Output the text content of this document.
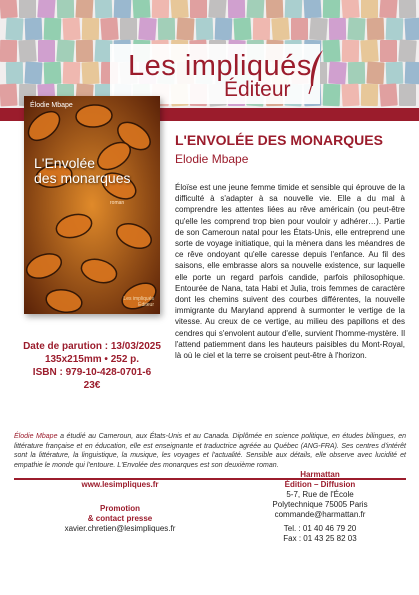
Les impliqués
Éditeur
Élodie Mbape
L'Envolée
des monarques
roman
Les impliqués
Éditeur
Date de parution : 13/03/2025
135x215mm • 252 p.
ISBN : 979-10-428-0701-6
23€
L'ENVOLÉE DES MONARQUES
Elodie Mbape
Éloïse est une jeune femme timide et sensible qui éprouve de la difficulté à s'adapter à sa nouvelle vie. Elle a du mal à comprendre les attentes liées au rêve américain (ou peut-être qu'elle les comprend trop bien pour vouloir y adhérer…). Partie de son Cameroun natal pour les États-Unis, elle entreprend une sorte de voyage initiatique, qui la mènera dans les méandres de ce rêve ondoyant qu'elle caresse depuis l'enfance. Au fil des saisons, elle embrasse alors sa nouvelle existence, sur laquelle elle porte un regard parfois candide, parfois philosophique. Entourée de Nana, tata Habi et Julia, trois femmes de caractère dont les chemins suivent des courbes différentes, la nouvelle immigrante du Maryland apprend à surmonter le vertige de la vitesse. Au creux de ce vertige, au milieu des papillons et des cendres qui s'envolent autour d'elle, survient l'homme-mystère. Il l'attend patiemment dans les hauteurs paisibles du Mont-Royal, là où le ciel et la terre se croisent peut-être à l'horizon.
Élodie Mbape a étudié au Cameroun, aux États-Unis et au Canada. Diplômée en science politique, en études bilingues, en littérature française et en éducation, elle est enseignante et traductrice agréée au Québec (ANG-FRA). Ses centres d'intérêt sont la littérature, la linguistique, la musique, les voyages et l'actualité. Sensible aux détails, elle observe avec lucidité et empathie le monde qui l'entoure. L'Envolée des monarques est son deuxième roman.
www.lesimpliques.fr
Promotion
& contact presse
xavier.chretien@lesimpliques.fr
Harmattan
Édition – Diffusion
5-7, Rue de l'École
Polytechnique 75005 Paris
commande@harmattan.fr
Tel. : 01 40 46 79 20
Fax : 01 43 25 82 03
